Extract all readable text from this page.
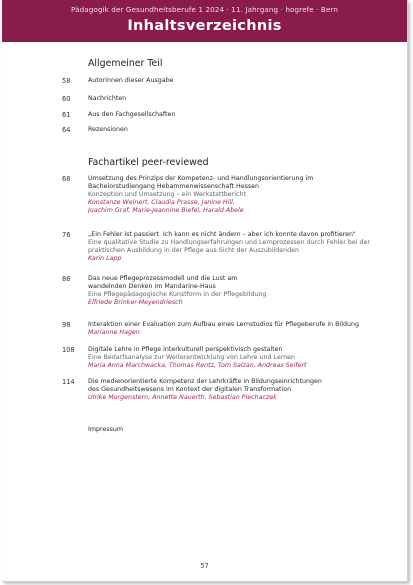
Pädagogik der Gesundheitsberufe 1 2024 · 11. Jahrgang · hogrefe · Bern
Inhaltsverzeichnis
Allgemeiner Teil
58	Autorinnen dieser Ausgabe
60	Nachrichten
61	Aus den Fachgesellschaften
64	Rezensionen
Fachartikel peer-reviewed
68	Umsetzung des Prinzips der Kompetenz- und Handlungsorientierung im
Bachelorstudiengang Hebammenwissenschaft Hessen
Konzeption und Umsetzung – ein Werkstattbericht
Konstanze Weinert, Claudia Prasse, Janine Hill,
Joachim Graf, Marie-Jeannine Biefel, Harald Abele
76	„Ein Fehler ist passiert. Ich kann es nicht ändern – aber ich konnte davon profitieren“
Eine qualitative Studie zu Handlungserfahrungen und Lernprozessen durch Fehler bei der
praktischen Ausbildung in der Pflege aus Sicht der Auszubildenden
Karin Lapp
86	Das neue Pflegeprozessmodell und die Lust am
wandelnden Denken im Mandarine-Haus
Eine Pflegepädagogische Kunstform in der Pflegebildung
Elfriede Brinker-Meyendriesch
98	Interaktion einer Evaluation zum Aufbau eines Lernstudios für Pflegeberufe in Bildung
Marianne Hagen
108	Digitale Lehre in Pflege interkulturell perspektivisch gestalten
Eine Bedarfsanalyse zur Weiterentwicklung von Lehre und Lernen
Maria Anna Marchwacka, Thomas Rentz, Tom Salzan, Andreas Seifert
114	Die medienorientierte Kompetenz der Lehrkräfte in Bildungseinrichtungen
des Gesundheitswesens im Kontext der digitalen Transformation
Ulrike Morgenstern, Annette Nauerth, Sebastian Piechaczek
Impressum
57
